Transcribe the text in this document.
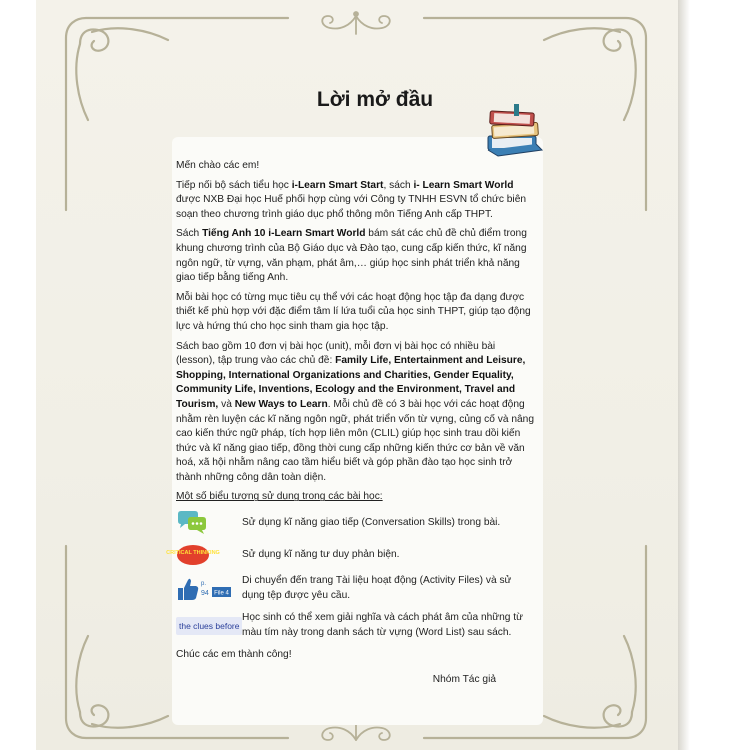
Lời mở đầu

Mến chào các em!

Tiếp nối bộ sách tiểu học i-Learn Smart Start, sách i- Learn Smart World được NXB Đại học Huế phối hợp cùng với Công ty TNHH ESVN tổ chức biên soạn theo chương trình giáo dục phổ thông môn Tiếng Anh cấp THPT.

Sách Tiếng Anh 10 i-Learn Smart World bám sát các chủ đề chủ điểm trong khung chương trình của Bộ Giáo dục và Đào tạo, cung cấp kiến thức, kĩ năng ngôn ngữ, từ vựng, văn phạm, phát âm,… giúp học sinh phát triển khả năng giao tiếp bằng tiếng Anh.

Mỗi bài học có từng mục tiêu cụ thể với các hoạt động học tập đa dạng được thiết kế phù hợp với đặc điểm tâm lí lứa tuổi của học sinh THPT, giúp tạo động lực và hứng thú cho học sinh tham gia học tập.

Sách bao gồm 10 đơn vị bài học (unit), mỗi đơn vị bài học có nhiều bài (lesson), tập trung vào các chủ đề: Family Life, Entertainment and Leisure, Shopping, International Organizations and Charities, Gender Equality, Community Life, Inventions, Ecology and the Environment, Travel and Tourism, và New Ways to Learn. Mỗi chủ đề có 3 bài học với các hoạt động nhằm rèn luyện các kĩ năng ngôn ngữ, phát triển vốn từ vựng, củng cố và nâng cao kiến thức ngữ pháp, tích hợp liên môn (CLIL) giúp học sinh trau dồi kiến thức và kĩ năng giao tiếp, đồng thời cung cấp những kiến thức cơ bản về văn hoá, xã hội nhằm nâng cao tầm hiểu biết và góp phần đào tạo học sinh trở thành những công dân toàn diện.

Một số biểu tượng sử dụng trong các bài học:

Sử dụng kĩ năng giao tiếp (Conversation Skills) trong bài.
CRITICAL THINKING	Sử dụng kĩ năng tư duy phản biện.
p.
94 File 4
Di chuyển đến trang Tài liệu hoạt động (Activity Files) và sử dụng tệp được yêu cầu.
the clues before
Học sinh có thể xem giải nghĩa và cách phát âm của những từ màu tím này trong danh sách từ vựng (Word List) sau sách.
Chúc các em thành công!
Nhóm Tác giả
